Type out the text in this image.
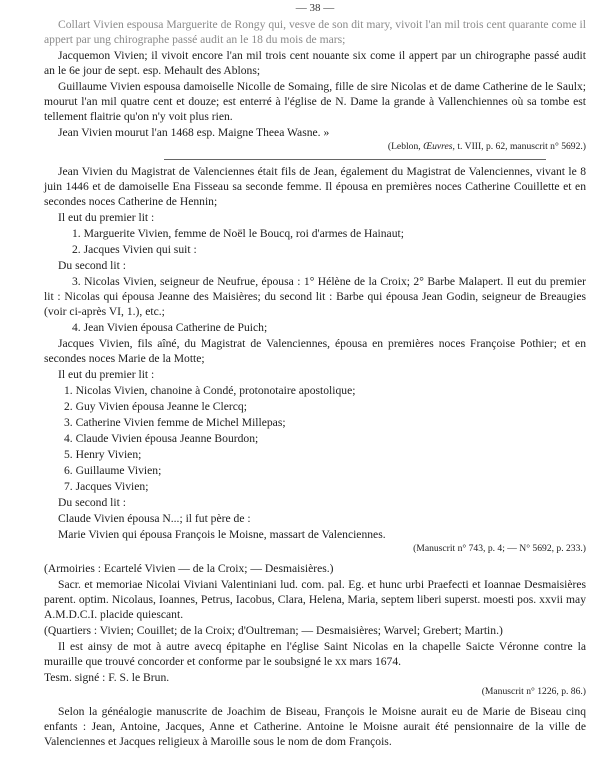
— 38 —

Collart Vivien espousa Marguerite de Rongy qui, vesve de son dit mary, vivoit l'an mil trois cent quarante come il appert par ung chirographe passé audit an le 18 du mois de mars;

Jacquemon Vivien; il vivoit encore l'an mil trois cent nouante six come il appert par un chirographe passé audit an le 6e jour de sept. esp. Mehault des Ablons;

Guillaume Vivien espousa damoiselle Nicolle de Somaing, fille de sire Nicolas et de dame Catherine de le Saulx; mourut l'an mil quatre cent et douze; est enterré à l'église de N. Dame la grande à Vallenchiennes où sa tombe est tellement flaitrie qu'on n'y voit plus rien.

Jean Vivien mourut l'an 1468 esp. Maigne Theea Wasne. »

(Leblon, Œuvres, t. VIII, p. 62, manuscrit n° 5692.)

Jean Vivien du Magistrat de Valenciennes était fils de Jean, également du Magistrat de Valenciennes, vivant le 8 juin 1446 et de damoiselle Ena Fisseau sa seconde femme. Il épousa en premières noces Catherine Couillette et en secondes noces Catherine de Hennin;

Il eut du premier lit :
1. Marguerite Vivien, femme de Noël le Boucq, roi d'armes de Hainaut;
2. Jacques Vivien qui suit :
Du second lit :

3. Nicolas Vivien, seigneur de Neufrue, épousa : 1° Hélène de la Croix; 2° Barbe Malapert. Il eut du premier lit : Nicolas qui épousa Jeanne des Maisières; du second lit : Barbe qui épousa Jean Godin, seigneur de Breaugies (voir ci-après VI, 1.), etc.;

4. Jean Vivien épousa Catherine de Puich;

Jacques Vivien, fils aîné, du Magistrat de Valenciennes, épousa en premières noces Françoise Pothier; et en secondes noces Marie de la Motte;

Il eut du premier lit :
1. Nicolas Vivien, chanoine à Condé, protonotaire apostolique;
2. Guy Vivien épousa Jeanne le Clercq;
3. Catherine Vivien femme de Michel Millepas;
4. Claude Vivien épousa Jeanne Bourdon;
5. Henry Vivien;
6. Guillaume Vivien;
7. Jacques Vivien;
Du second lit :
Claude Vivien épousa N...; il fut père de :
Marie Vivien qui épousa François le Moisne, massart de Valenciennes.
(Manuscrit n° 743, p. 4; — N° 5692, p. 233.)
(Armoiries : Ecartelé Vivien — de la Croix; — Desmaisières.)

Sacr. et memoriae Nicolai Viviani Valentiniani lud. com. pal. Eg. et hunc urbi Praefecti et Ioannae Desmaisières parent. optim. Nicolaus, Ioannes, Petrus, Iacobus, Clara, Helena, Maria, septem liberi superst. moesti pos. xxvii may A.M.D.C.I. placide quiescant.

(Quartiers : Vivien; Couillet; de la Croix; d'Oultreman; — Desmaisières; Warvel; Grebert; Martin.)

Il est ainsy de mot à autre avecq épitaphe en l'église Saint Nicolas en la chapelle Saicte Véronne contre la muraille que trouvé concorder et conforme par le soubsigné le xx mars 1674.

Tesm. signé : F. S. le Brun.
(Manuscrit n° 1226, p. 86.)

Selon la généalogie manuscrite de Joachim de Biseau, François le Moisne aurait eu de Marie de Biseau cinq enfants : Jean, Antoine, Jacques, Anne et Catherine. Antoine le Moisne aurait été pensionnaire de la ville de Valenciennes et Jacques religieux à Maroille sous le nom de dom François.
